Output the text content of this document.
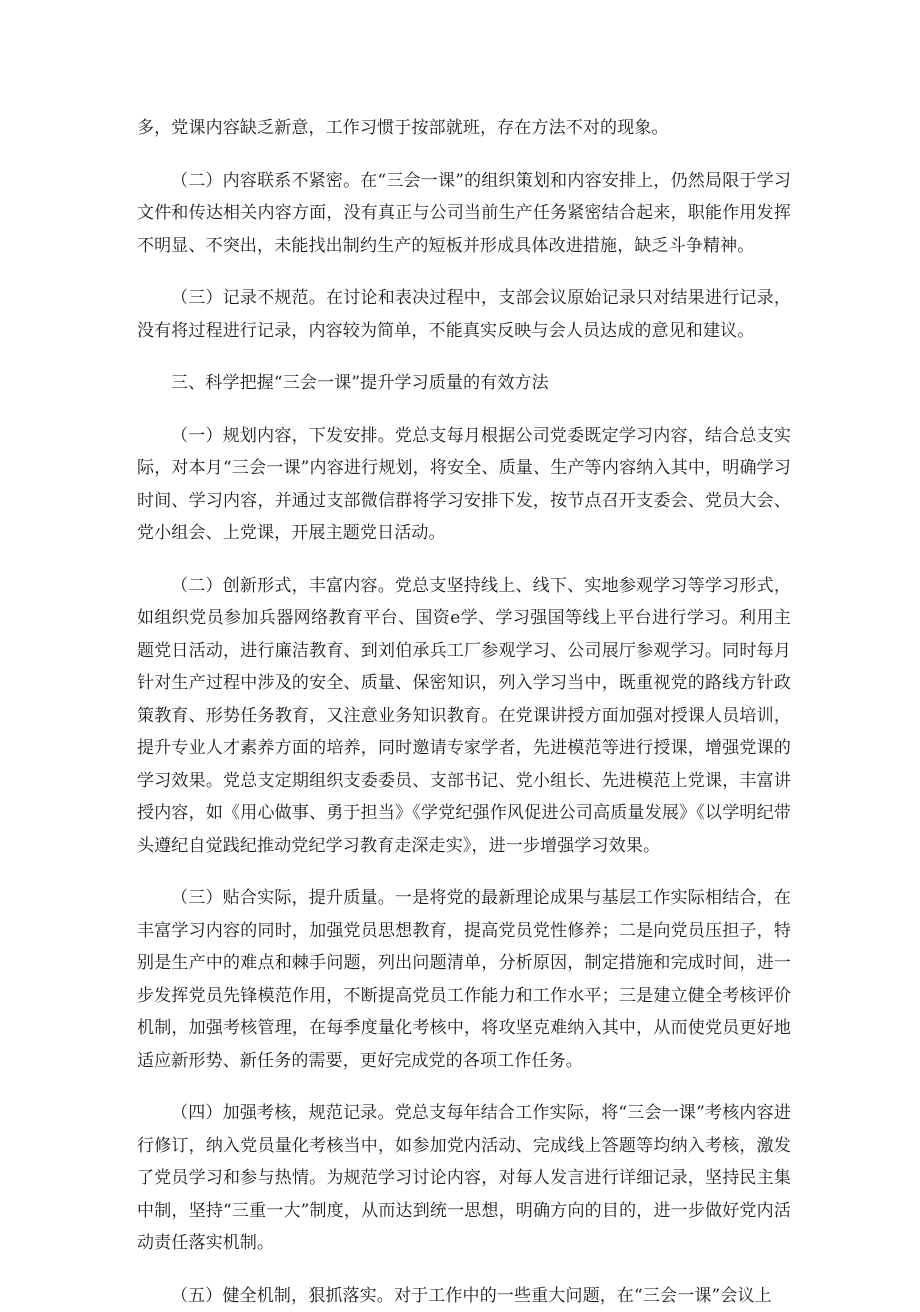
多，党课内容缺乏新意，工作习惯于按部就班，存在方法不对的现象。

（二）内容联系不紧密。在“三会一课”的组织策划和内容安排上，仍然局限于学习文件和传达相关内容方面，没有真正与公司当前生产任务紧密结合起来，职能作用发挥不明显、不突出，未能找出制约生产的短板并形成具体改进措施，缺乏斗争精神。

（三）记录不规范。在讨论和表决过程中，支部会议原始记录只对结果进行记录，没有将过程进行记录，内容较为简单，不能真实反映与会人员达成的意见和建议。

三、科学把握“三会一课”提升学习质量的有效方法

（一）规划内容，下发安排。党总支每月根据公司党委既定学习内容，结合总支实际，对本月“三会一课”内容进行规划，将安全、质量、生产等内容纳入其中，明确学习时间、学习内容，并通过支部微信群将学习安排下发，按节点召开支委会、党员大会、党小组会、上党课，开展主题党日活动。

（二）创新形式，丰富内容。党总支坚持线上、线下、实地参观学习等学习形式，如组织党员参加兵器网络教育平台、国资e学、学习强国等线上平台进行学习。利用主题党日活动，进行廉洁教育、到刘伯承兵工厂参观学习、公司展厅参观学习。同时每月针对生产过程中涉及的安全、质量、保密知识，列入学习当中，既重视党的路线方针政策教育、形势任务教育，又注意业务知识教育。在党课讲授方面加强对授课人员培训，提升专业人才素养方面的培养，同时邀请专家学者，先进模范等进行授课，增强党课的学习效果。党总支定期组织支委委员、支部书记、党小组长、先进模范上党课，丰富讲授内容，如《用心做事、勇于担当》《学党纪强作风促进公司高质量发展》《以学明纪带头遵纪自觉践纪推动党纪学习教育走深走实》，进一步增强学习效果。

（三）贴合实际，提升质量。一是将党的最新理论成果与基层工作实际相结合，在丰富学习内容的同时，加强党员思想教育，提高党员党性修养；二是向党员压担子，特别是生产中的难点和棘手问题，列出问题清单，分析原因，制定措施和完成时间，进一步发挥党员先锋模范作用，不断提高党员工作能力和工作水平；三是建立健全考核评价机制，加强考核管理，在每季度量化考核中，将攻坚克难纳入其中，从而使党员更好地适应新形势、新任务的需要，更好完成党的各项工作任务。

（四）加强考核，规范记录。党总支每年结合工作实际，将“三会一课”考核内容进行修订，纳入党员量化考核当中，如参加党内活动、完成线上答题等均纳入考核，激发了党员学习和参与热情。为规范学习讨论内容，对每人发言进行详细记录，坚持民主集中制，坚持“三重一大”制度，从而达到统一思想，明确方向的目的，进一步做好党内活动责任落实机制。

（五）健全机制，狠抓落实。对于工作中的一些重大问题，在“三会一课”会议上
